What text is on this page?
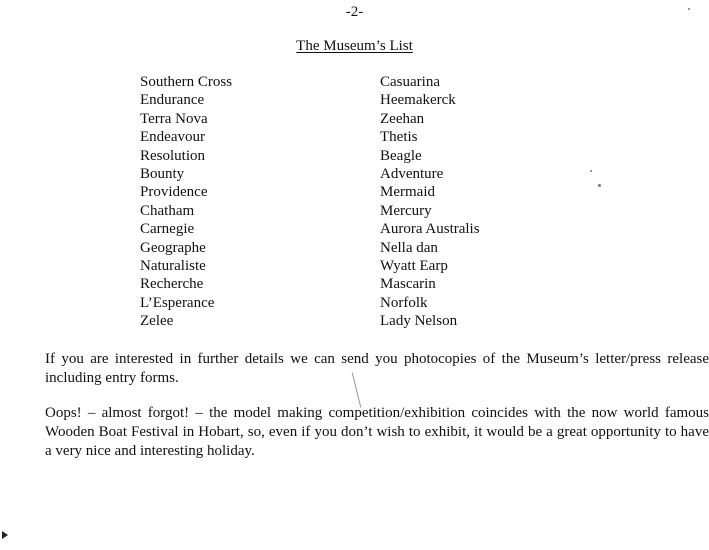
-2-
The Museum’s List
Southern Cross
Endurance
Terra Nova
Endeavour
Resolution
Bounty
Providence
Chatham
Carnegie
Geographe
Naturaliste
Recherche
L’Esperance
Zelee
Casuarina
Heemakerck
Zeehan
Thetis
Beagle
Adventure
Mermaid
Mercury
Aurora Australis
Nella dan
Wyatt Earp
Mascarin
Norfolk
Lady Nelson

If you are interested in further details we can send you photocopies of the Museum’s letter/press release including entry forms.

Oops! – almost forgot! – the model making competition/exhibition coincides with the now world famous Wooden Boat Festival in Hobart, so, even if you don’t wish to exhibit, it would be a great opportunity to have a very nice and interesting holiday.
